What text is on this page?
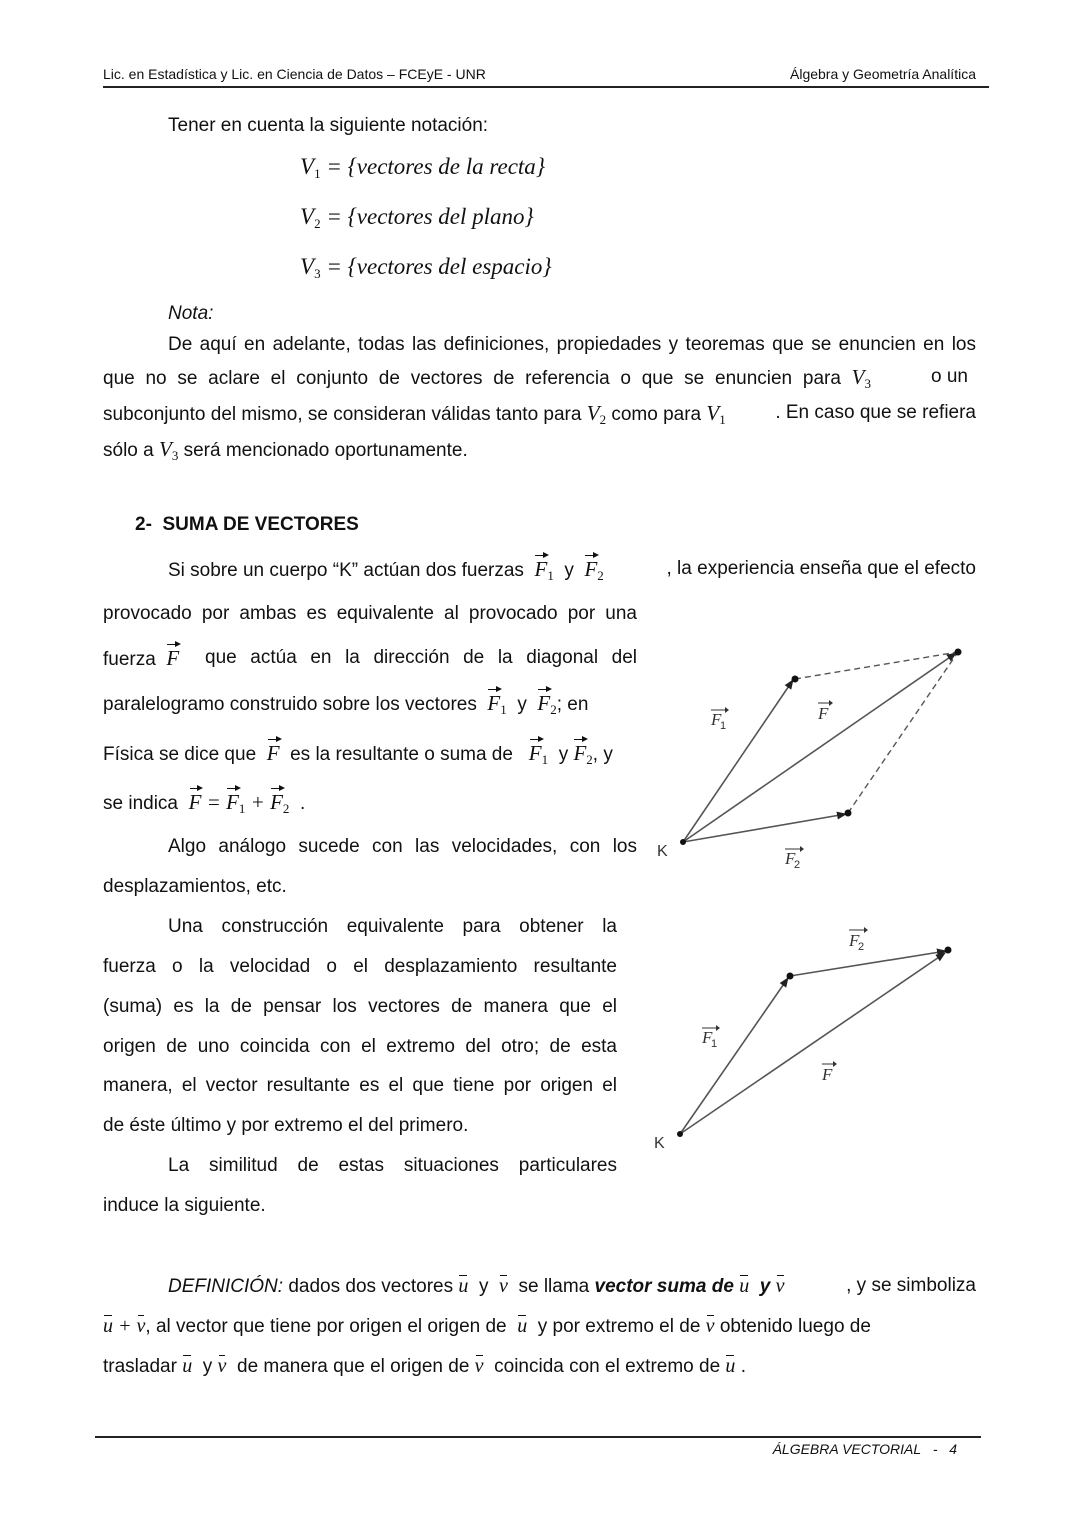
Lic. en Estadística y Lic. en Ciencia de Datos – FCEyE - UNR	Álgebra y Geometría Analítica
Tener en cuenta la siguiente notación:
$V_1$ = {vectores de la recta}
$V_2$ = {vectores del plano}
$V_3$ = {vectores del espacio}
Nota:
De aquí en adelante, todas las definiciones, propiedades y teoremas que se enuncien en los
que no se aclare el conjunto de vectores de referencia o que se enuncien para $V_3$	o un
subconjunto del mismo, se consideran válidas tanto para $V_2$ como para $V_1$	. En caso que se refiera
sólo a $V_3$ será mencionado oportunamente.
2- SUMA DE VECTORES
Si sobre un cuerpo “K” actúan dos fuerzas $F_1$ y $F_2$	, la experiencia enseña que el efecto
provocado por ambas es equivalente al provocado por una
fuerza F que actúa en la dirección de la diagonal del
paralelogramo construido sobre los vectores $F_1$ y $F_2$; en
Física se dice que F es la resultante o suma de $F_1$ y $F_2$, y
se indica $F = F_1 + F_2$ .
Algo análogo sucede con las velocidades, con los
desplazamientos, etc.
Una construcción equivalente para obtener la
fuerza o la velocidad o el desplazamiento resultante
(suma) es la de pensar los vectores de manera que el
origen de uno coincida con el extremo del otro; de esta
manera, el vector resultante es el que tiene por origen el
de éste último y por extremo el del primero.
La similitud de estas situaciones particulares
induce la siguiente.
DEFINICIÓN: dados dos vectores u y v se llama vector suma de u y v	, y se simboliza
u + v, al vector que tiene por origen el origen de u y por extremo el de v obtenido luego de
trasladar u y v de manera que el origen de v coincida con el extremo de u .
K
F
1
F
F
2
K
F
2
F
1
F
ÁLGEBRA VECTORIAL - 4
